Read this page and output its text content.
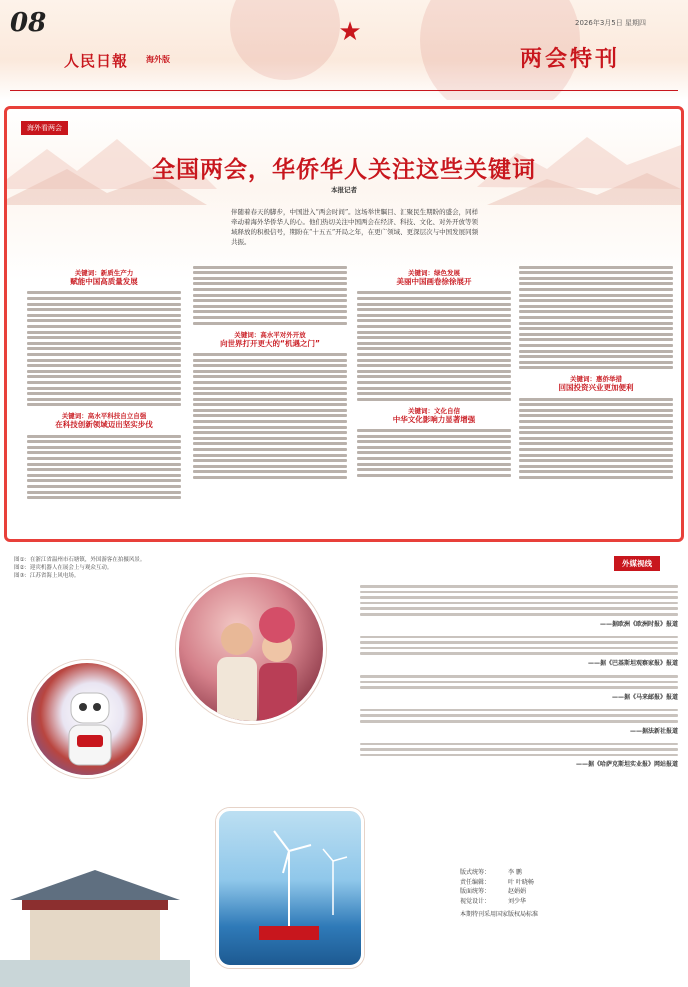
08	2026年3月5日 星期四
★
人民日報 海外版	两会特刊
海外看两会
全国两会，华侨华人关注这些关键词
本报记者
伴随着春天的脚步，中国进入“两会时间”。这场举世瞩目、汇聚民生期盼的盛会，同样牵动着海外华侨华人的心。他们热切关注中国两会在经济、科技、文化、对外开放等领域释放的积极信号，期盼在“十五五”开局之年，在更广领域、更深层次与中国发展同频共振。
关键词：新质生产力
赋能中国高质量发展
关键词：高水平科技自立自强
在科技创新领域迈出坚实步伐
关键词：高水平对外开放
向世界打开更大的“机遇之门”
关键词：绿色发展
美丽中国画卷徐徐展开
关键词：文化自信
中华文化影响力显著增强
关键词：惠侨举措
回国投资兴业更加便利

图①：在浙江省温州市石塘镇，外国游客在拍摄风景。

图②：迎宾机器人在展会上与观众互动。

图③：江苏省海上风电场。

外媒视线
——据欧洲《欧洲时报》报道
——据《巴基斯坦观察家报》报道
——据《马来邮报》报道
——据法新社报道
——据《哈萨克斯坦实业报》网站报道
版式统筹：	李 鹏
责任编辑：	叶 叶晓畅
版面统筹：	赵娟娟
视觉设计：	刘少华
本期特刊采用国家版权局标准
